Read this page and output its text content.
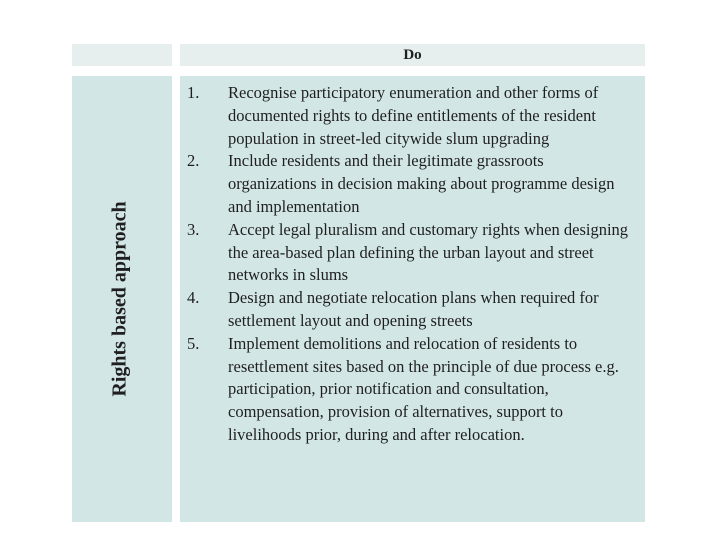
Do
Rights based approach
1. Recognise participatory enumeration and other forms of documented rights to define entitlements of the resident population in street-led citywide slum upgrading
2. Include residents and their legitimate grassroots organizations in decision making about programme design and implementation
3. Accept legal pluralism and customary rights when designing the area-based plan defining the urban layout and street networks in slums
4. Design and negotiate relocation plans when required for settlement layout and opening streets
5. Implement demolitions and relocation of residents to resettlement sites based on the principle of due process e.g. participation, prior notification and consultation, compensation, provision of alternatives, support to livelihoods prior, during and after relocation.
